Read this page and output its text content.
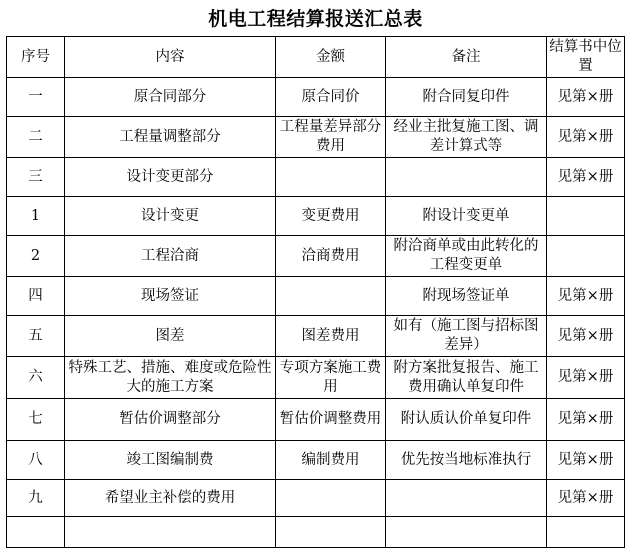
机电工程结算报送汇总表
序号	内容	金额	备注	结算书中位置
一	原合同部分	原合同价	附合同复印件	见第×册
二	工程量调整部分	工程量差异部分费用	经业主批复施工图、调差计算式等	见第×册
三	设计变更部分			见第×册
1	设计变更	变更费用	附设计变更单	
2	工程洽商	洽商费用	附洽商单或由此转化的工程变更单	
四	现场签证		附现场签证单	见第×册
五	图差	图差费用	如有（施工图与招标图差异）	见第×册
六	特殊工艺、措施、难度或危险性大的施工方案	专项方案施工费用	附方案批复报告、施工费用确认单复印件	见第×册
七	暂估价调整部分	暂估价调整费用	附认质认价单复印件	见第×册
八	竣工图编制费	编制费用	优先按当地标准执行	见第×册
九	希望业主补偿的费用			见第×册
